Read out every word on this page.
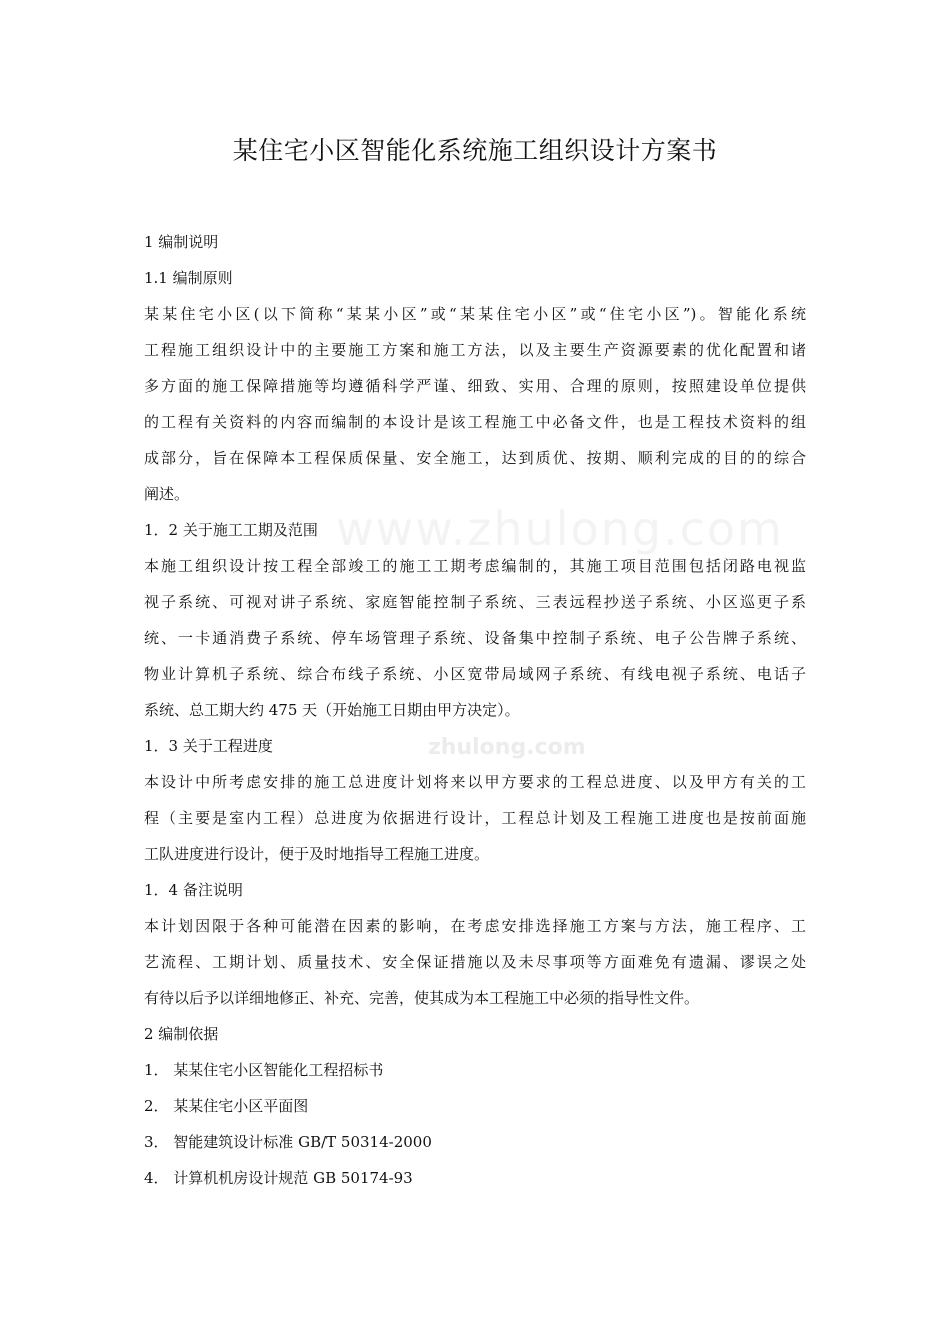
www.zhulong.com
zhulong.com
某住宅小区智能化系统施工组织设计方案书
1 编制说明
1.1 编制原则
某某住宅小区(以下简称“某某小区”或“某某住宅小区”或“住宅小区”)。智能化系统
工程施工组织设计中的主要施工方案和施工方法，以及主要生产资源要素的优化配置和诸
多方面的施工保障措施等均遵循科学严谨、细致、实用、合理的原则，按照建设单位提供
的工程有关资料的内容而编制的本设计是该工程施工中必备文件，也是工程技术资料的组
成部分，旨在保障本工程保质保量、安全施工，达到质优、按期、顺利完成的目的的综合
阐述。
1．2 关于施工工期及范围
本施工组织设计按工程全部竣工的施工工期考虑编制的，其施工项目范围包括闭路电视监
视子系统、可视对讲子系统、家庭智能控制子系统、三表远程抄送子系统、小区巡更子系
统、一卡通消费子系统、停车场管理子系统、设备集中控制子系统、电子公告牌子系统、
物业计算机子系统、综合布线子系统、小区宽带局域网子系统、有线电视子系统、电话子
系统、总工期大约 475 天（开始施工日期由甲方决定）。
1．3 关于工程进度
本设计中所考虑安排的施工总进度计划将来以甲方要求的工程总进度、以及甲方有关的工
程（主要是室内工程）总进度为依据进行设计，工程总计划及工程施工进度也是按前面施
工队进度进行设计，便于及时地指导工程施工进度。
1．4 备注说明
本计划因限于各种可能潜在因素的影响，在考虑安排选择施工方案与方法，施工程序、工
艺流程、工期计划、质量技术、安全保证措施以及未尽事项等方面难免有遗漏、谬误之处
有待以后予以详细地修正、补充、完善，使其成为本工程施工中必须的指导性文件。
2 编制依据
1． 某某住宅小区智能化工程招标书
2． 某某住宅小区平面图
3． 智能建筑设计标准 GB/T 50314-2000
4． 计算机机房设计规范 GB 50174-93
